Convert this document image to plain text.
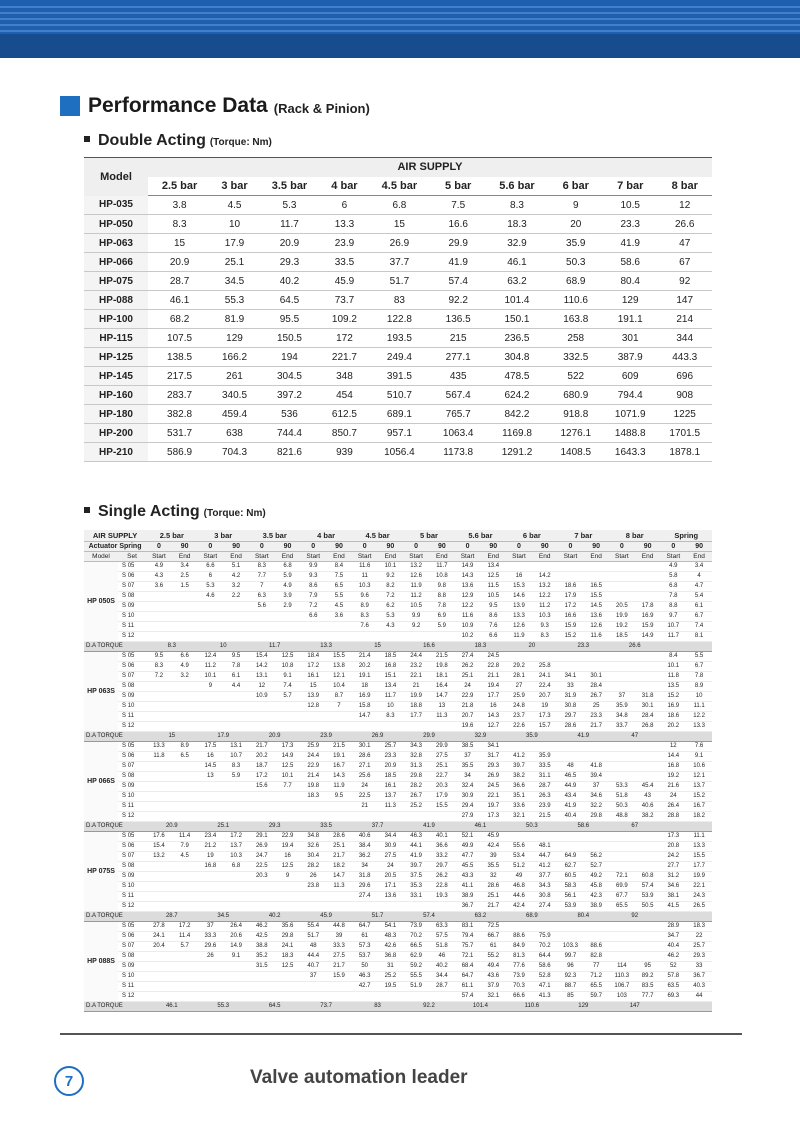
Performance Data (Rack & Pinion)
Double Acting (Torque: Nm)
Model	AIR SUPPLY									
	2.5 bar	3 bar	3.5 bar	4 bar	4.5 bar	5 bar	5.6 bar	6 bar	7 bar	8 bar
HP-035	3.8	4.5	5.3	6	6.8	7.5	8.3	9	10.5	12
HP-050	8.3	10	11.7	13.3	15	16.6	18.3	20	23.3	26.6
HP-063	15	17.9	20.9	23.9	26.9	29.9	32.9	35.9	41.9	47
HP-066	20.9	25.1	29.3	33.5	37.7	41.9	46.1	50.3	58.6	67
HP-075	28.7	34.5	40.2	45.9	51.7	57.4	63.2	68.9	80.4	92
HP-088	46.1	55.3	64.5	73.7	83	92.2	101.4	110.6	129	147
HP-100	68.2	81.9	95.5	109.2	122.8	136.5	150.1	163.8	191.1	214
HP-115	107.5	129	150.5	172	193.5	215	236.5	258	301	344
HP-125	138.5	166.2	194	221.7	249.4	277.1	304.8	332.5	387.9	443.3
HP-145	217.5	261	304.5	348	391.5	435	478.5	522	609	696
HP-160	283.7	340.5	397.2	454	510.7	567.4	624.2	680.9	794.4	908
HP-180	382.8	459.4	536	612.5	689.1	765.7	842.2	918.8	1071.9	1225
HP-200	531.7	638	744.4	850.7	957.1	1063.4	1169.8	1276.1	1488.8	1701.5
HP-210	586.9	704.3	821.6	939	1056.4	1173.8	1291.2	1408.5	1643.3	1878.1
Single Acting (Torque: Nm)
AIR SUPPLY		2.5 bar		3 bar		3.5 bar		4 bar		4.5 bar		5 bar		5.6 bar		6 bar		7 bar		8 bar		Spring	
Actuator Spring		0	90	0	90	0	90	0	90	0	90	0	90	0	90	0	90	0	90	0	90	0	90
Model	Set	Start	End	Start	End	Start	End	Start	End	Start	End	Start	End	Start	End	Start	End	Start	End	Start	End	Start	End
HP 050S	S 05	4.9	3.4	6.6	5.1	8.3	6.8	9.9	8.4	11.6	10.1	13.2	11.7	14.9	13.4							4.9	3.4
	S 06	4.3	2.5	6	4.2	7.7	5.9	9.3	7.5	11	9.2	12.6	10.8	14.3	12.5	16	14.2					5.8	4
	S 07	3.6	1.5	5.3	3.2	7	4.9	8.6	6.5	10.3	8.2	11.9	9.8	13.6	11.5	15.3	13.2	18.6	16.5			6.8	4.7
	S 08			4.6	2.2	6.3	3.9	7.9	5.5	9.6	7.2	11.2	8.8	12.9	10.5	14.6	12.2	17.9	15.5			7.8	5.4
	S 09					5.6	2.9	7.2	4.5	8.9	6.2	10.5	7.8	12.2	9.5	13.9	11.2	17.2	14.5	20.5	17.8	8.8	6.1
	S 10							6.6	3.6	8.3	5.3	9.9	6.9	11.6	8.6	13.3	10.3	16.6	13.6	19.9	16.9	9.7	6.7
	S 11									7.6	4.3	9.2	5.9	10.9	7.6	12.6	9.3	15.9	12.6	19.2	15.9	10.7	7.4
	S 12													10.2	6.6	11.9	8.3	15.2	11.6	18.5	14.9	11.7	8.1
D.A TORQUE		8.3		10		11.7		13.3		15		16.6		18.3		20		23.3		26.6			
HP 063S	S 05	9.5	6.6	12.4	9.5	15.4	12.5	18.4	15.5	21.4	18.5	24.4	21.5	27.4	24.5							8.4	5.5
	S 06	8.3	4.9	11.2	7.8	14.2	10.8	17.2	13.8	20.2	16.8	23.2	19.8	26.2	22.8	29.2	25.8					10.1	6.7
	S 07	7.2	3.2	10.1	6.1	13.1	9.1	16.1	12.1	19.1	15.1	22.1	18.1	25.1	21.1	28.1	24.1	34.1	30.1			11.8	7.8
	S 08			9	4.4	12	7.4	15	10.4	18	13.4	21	16.4	24	19.4	27	22.4	33	28.4			13.5	8.9
	S 09					10.9	5.7	13.9	8.7	16.9	11.7	19.9	14.7	22.9	17.7	25.9	20.7	31.9	26.7	37	31.8	15.2	10
	S 10							12.8	7	15.8	10	18.8	13	21.8	16	24.8	19	30.8	25	35.9	30.1	16.9	11.1
	S 11									14.7	8.3	17.7	11.3	20.7	14.3	23.7	17.3	29.7	23.3	34.8	28.4	18.6	12.2
	S 12													19.6	12.7	22.6	15.7	28.6	21.7	33.7	26.8	20.2	13.3
D.A TORQUE		15		17.9		20.9		23.9		26.9		29.9		32.9		35.9		41.9		47			
HP 066S	S 05	13.3	8.9	17.5	13.1	21.7	17.3	25.9	21.5	30.1	25.7	34.3	29.9	38.5	34.1							12	7.6
	S 06	11.8	6.5	16	10.7	20.2	14.9	24.4	19.1	28.6	23.3	32.8	27.5	37	31.7	41.2	35.9					14.4	9.1
	S 07			14.5	8.3	18.7	12.5	22.9	16.7	27.1	20.9	31.3	25.1	35.5	29.3	39.7	33.5	48	41.8			16.8	10.6
	S 08			13	5.9	17.2	10.1	21.4	14.3	25.6	18.5	29.8	22.7	34	26.9	38.2	31.1	46.5	39.4			19.2	12.1
	S 09					15.6	7.7	19.8	11.9	24	16.1	28.2	20.3	32.4	24.5	36.6	28.7	44.9	37	53.3	45.4	21.6	13.7
	S 10							18.3	9.5	22.5	13.7	26.7	17.9	30.9	22.1	35.1	26.3	43.4	34.6	51.8	43	24	15.2
	S 11									21	11.3	25.2	15.5	29.4	19.7	33.6	23.9	41.9	32.2	50.3	40.6	26.4	16.7
	S 12													27.9	17.3	32.1	21.5	40.4	29.8	48.8	38.2	28.8	18.2
D.A TORQUE		20.9		25.1		29.3		33.5		37.7		41.9		46.1		50.3		58.6		67			
HP 075S	S 05	17.6	11.4	23.4	17.2	29.1	22.9	34.8	28.6	40.6	34.4	46.3	40.1	52.1	45.9							17.3	11.1
	S 06	15.4	7.9	21.2	13.7	26.9	19.4	32.6	25.1	38.4	30.9	44.1	36.6	49.9	42.4	55.6	48.1					20.8	13.3
	S 07	13.2	4.5	19	10.3	24.7	16	30.4	21.7	36.2	27.5	41.9	33.2	47.7	39	53.4	44.7	64.9	56.2			24.2	15.5
	S 08			16.8	6.8	22.5	12.5	28.2	18.2	34	24	39.7	29.7	45.5	35.5	51.2	41.2	62.7	52.7			27.7	17.7
	S 09					20.3	9	26	14.7	31.8	20.5	37.5	26.2	43.3	32	49	37.7	60.5	49.2	72.1	60.8	31.2	19.9
	S 10							23.8	11.3	29.6	17.1	35.3	22.8	41.1	28.6	46.8	34.3	58.3	45.8	69.9	57.4	34.6	22.1
	S 11									27.4	13.6	33.1	19.3	38.9	25.1	44.6	30.8	56.1	42.3	67.7	53.9	38.1	24.3
	S 12													36.7	21.7	42.4	27.4	53.9	38.9	65.5	50.5	41.5	26.5
D.A TORQUE		28.7		34.5		40.2		45.9		51.7		57.4		63.2		68.9		80.4		92			
HP 088S	S 05	27.8	17.2	37	26.4	46.2	35.6	55.4	44.8	64.7	54.1	73.9	63.3	83.1	72.5							28.9	18.3
	S 06	24.1	11.4	33.3	20.6	42.5	29.8	51.7	39	61	48.3	70.2	57.5	79.4	66.7	88.6	75.9					34.7	22
	S 07	20.4	5.7	29.6	14.9	38.8	24.1	48	33.3	57.3	42.6	66.5	51.8	75.7	61	84.9	70.2	103.3	88.6			40.4	25.7
	S 08			26	9.1	35.2	18.3	44.4	27.5	53.7	36.8	62.9	46	72.1	55.2	81.3	64.4	99.7	82.8			46.2	29.3
	S 09					31.5	12.5	40.7	21.7	50	31	59.2	40.2	68.4	49.4	77.6	58.6	96	77	114	95	52	33
	S 10							37	15.9	46.3	25.2	55.5	34.4	64.7	43.6	73.9	52.8	92.3	71.2	110.3	89.2	57.8	36.7
	S 11									42.7	19.5	51.9	28.7	61.1	37.9	70.3	47.1	88.7	65.5	106.7	83.5	63.5	40.3
	S 12													57.4	32.1	66.6	41.3	85	59.7	103	77.7	69.3	44
D.A TORQUE		46.1		55.3		64.5		73.7		83		92.2		101.4		110.6		129		147			
7	Valve automation leader
